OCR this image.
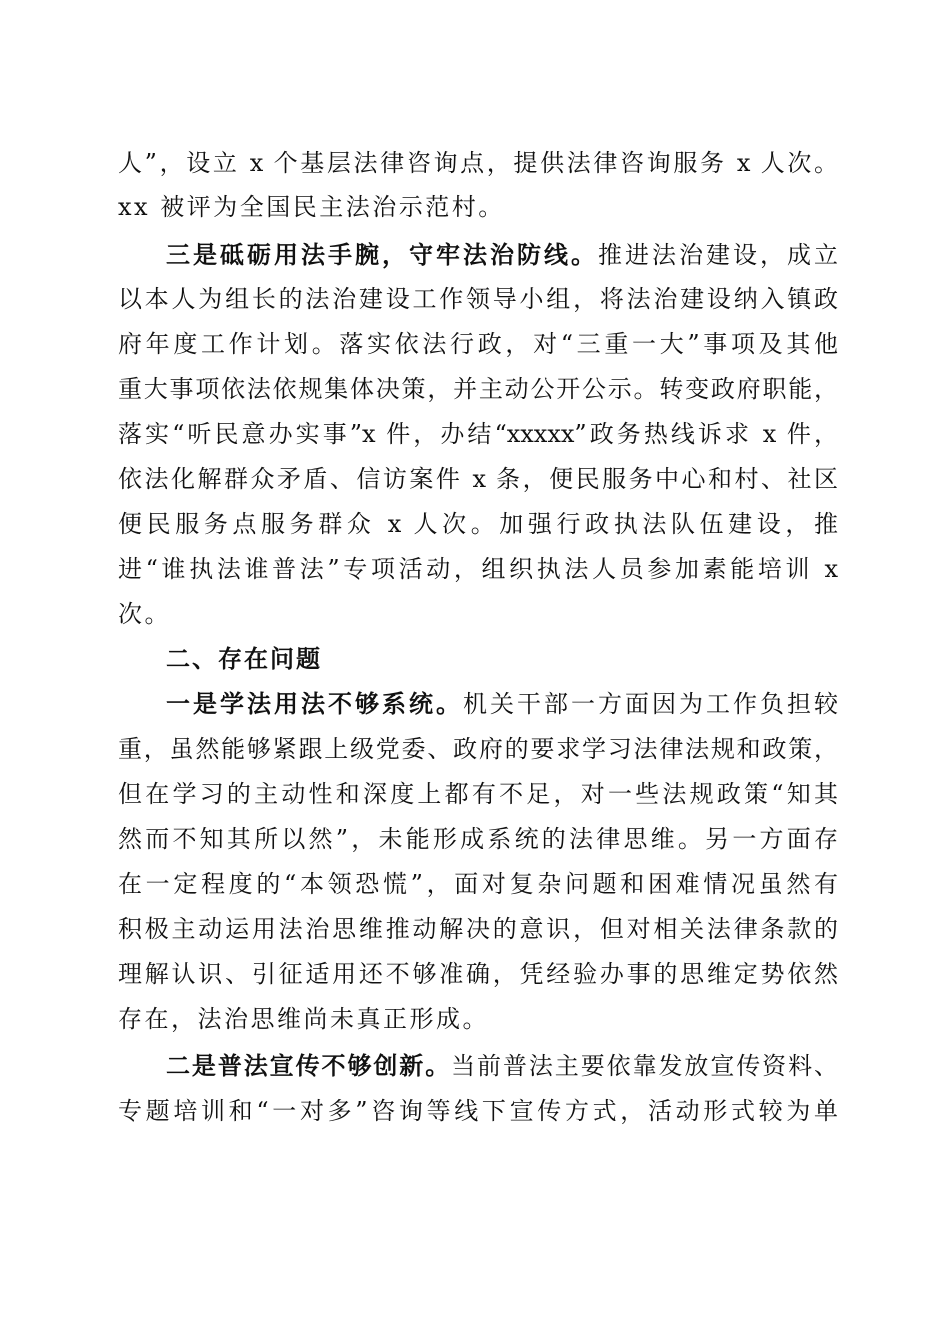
人”，设立 x 个基层法律咨询点，提供法律咨询服务 x 人次。
xx 被评为全国民主法治示范村。
三是砥砺用法手腕，守牢法治防线。推进法治建设，成立
以本人为组长的法治建设工作领导小组，将法治建设纳入镇政
府年度工作计划。落实依法行政，对“三重一大”事项及其他
重大事项依法依规集体决策，并主动公开公示。转变政府职能，
落实“听民意办实事”x 件，办结“xxxxx”政务热线诉求 x 件，
依法化解群众矛盾、信访案件 x 条，便民服务中心和村、社区
便民服务点服务群众 x 人次。加强行政执法队伍建设，推
进“谁执法谁普法”专项活动，组织执法人员参加素能培训 x
次。
二、存在问题
一是学法用法不够系统。机关干部一方面因为工作负担较
重，虽然能够紧跟上级党委、政府的要求学习法律法规和政策，
但在学习的主动性和深度上都有不足，对一些法规政策“知其
然而不知其所以然”，未能形成系统的法律思维。另一方面存
在一定程度的“本领恐慌”，面对复杂问题和困难情况虽然有
积极主动运用法治思维推动解决的意识，但对相关法律条款的
理解认识、引征适用还不够准确，凭经验办事的思维定势依然
存在，法治思维尚未真正形成。
二是普法宣传不够创新。当前普法主要依靠发放宣传资料、
专题培训和“一对多”咨询等线下宣传方式，活动形式较为单
